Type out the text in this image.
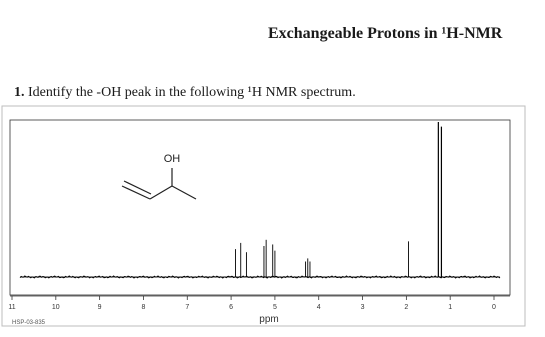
Exchangeable Protons in ¹H-NMR
1. Identify the -OH peak in the following ¹H NMR spectrum.
OH
11	10	9	8	7	6	5	4	3	2	1	0
ppm
HSP-03-835
